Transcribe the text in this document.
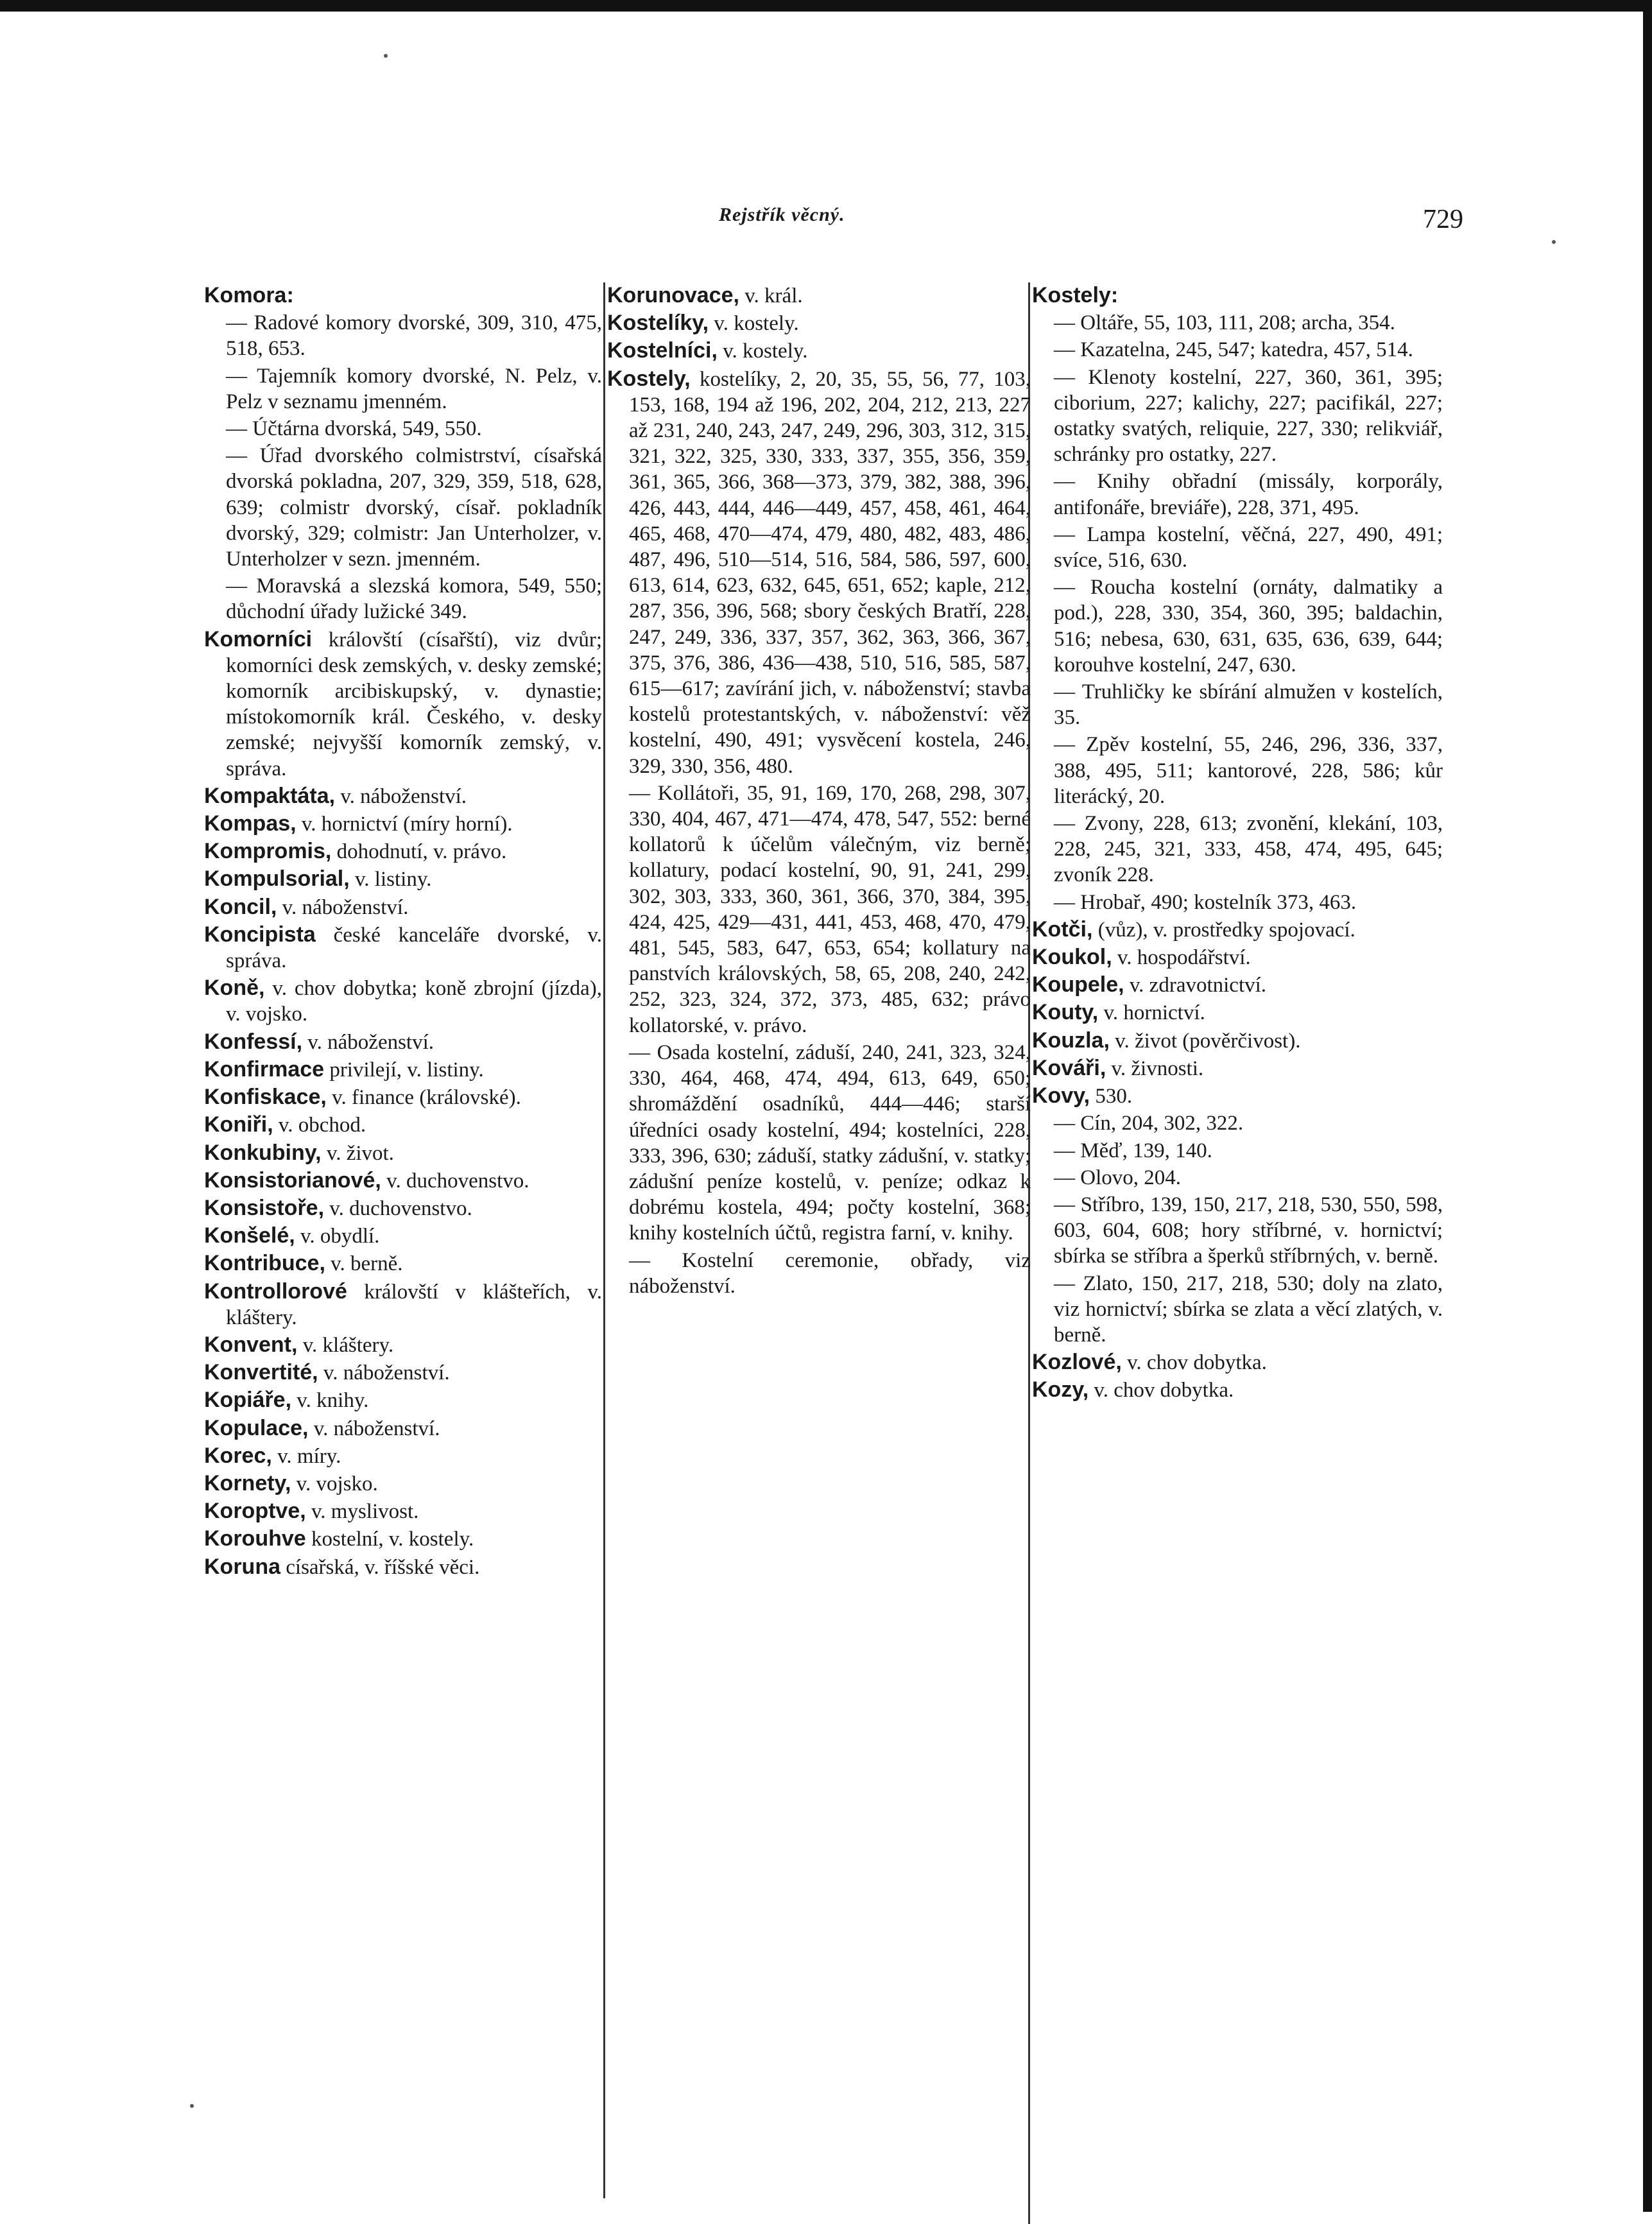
Rejstřík věcný.	729
Komora:
— Radové komory dvorské, 309, 310, 475, 518, 653.
— Tajemník komory dvorské, N. Pelz, v. Pelz v seznamu jmenném.
— Účtárna dvorská, 549, 550.
— Úřad dvorského colmistrství, císařská dvorská pokladna, 207, 329, 359, 518, 628, 639; colmistr dvorský, císař. pokladník dvorský, 329; colmistr: Jan Unterholzer, v. Unterholzer v sezn. jmenném.
— Moravská a slezská komora, 549, 550; důchodní úřady lužické 349.
Komorníci královští (císařští), viz dvůr; komorníci desk zemských, v. desky zemské; komorník arcibiskupský, v. dynastie; místokomorník král. Českého, v. desky zemské; nejvyšší komorník zemský, v. správa.
Kompaktáta, v. náboženství.
Kompas, v. hornictví (míry horní).
Kompromis, dohodnutí, v. právo.
Kompulsorial, v. listiny.
Koncil, v. náboženství.
Koncipista české kanceláře dvorské, v. správa.
Koně, v. chov dobytka; koně zbrojní (jízda), v. vojsko.
Konfessí, v. náboženství.
Konfirmace privilejí, v. listiny.
Konfiskace, v. finance (královské).
Koniři, v. obchod.
Konkubiny, v. život.
Konsistorianové, v. duchovenstvo.
Konsistoře, v. duchovenstvo.
Konšelé, v. obydlí.
Kontribuce, v. berně.
Kontrollorové královští v klášteřích, v. kláštery.
Konvent, v. kláštery.
Konvertité, v. náboženství.
Kopiáře, v. knihy.
Kopulace, v. náboženství.
Korec, v. míry.
Kornety, v. vojsko.
Koroptve, v. myslivost.
Korouhve kostelní, v. kostely.
Koruna císařská, v. říšské věci.
Korunovace, v. král.
Kostelíky, v. kostely.
Kostelníci, v. kostely.
Kostely, kostelíky, 2, 20, 35, 55, 56, 77, 103, 153, 168, 194 až 196, 202, 204, 212, 213, 227 až 231, 240, 243, 247, 249, 296, 303, 312, 315, 321, 322, 325, 330, 333, 337, 355, 356, 359, 361, 365, 366, 368—373, 379, 382, 388, 396, 426, 443, 444, 446—449, 457, 458, 461, 464, 465, 468, 470—474, 479, 480, 482, 483, 486, 487, 496, 510—514, 516, 584, 586, 597, 600, 613, 614, 623, 632, 645, 651, 652; kaple, 212, 287, 356, 396, 568; sbory českých Bratří, 228, 247, 249, 336, 337, 357, 362, 363, 366, 367, 375, 376, 386, 436—438, 510, 516, 585, 587, 615—617; zavírání jich, v. náboženství; stavba kostelů protestantských, v. náboženství: věž kostelní, 490, 491; vysvěcení kostela, 246, 329, 330, 356, 480.
— Kollátoři, 35, 91, 169, 170, 268, 298, 307, 330, 404, 467, 471—474, 478, 547, 552: berné kollatorů k účelům válečným, viz berně; kollatury, podací kostelní, 90, 91, 241, 299, 302, 303, 333, 360, 361, 366, 370, 384, 395, 424, 425, 429—431, 441, 453, 468, 470, 479, 481, 545, 583, 647, 653, 654; kollatury na panstvích královských, 58, 65, 208, 240, 242, 252, 323, 324, 372, 373, 485, 632; právo kollatorské, v. právo.
— Osada kostelní, záduší, 240, 241, 323, 324, 330, 464, 468, 474, 494, 613, 649, 650; shromáždění osadníků, 444—446; starší úředníci osady kostelní, 494; kostelníci, 228, 333, 396, 630; záduší, statky zádušní, v. statky; zádušní peníze kostelů, v. peníze; odkaz k dobrému kostela, 494; počty kostelní, 368; knihy kostelních účtů, registra farní, v. knihy.
— Kostelní ceremonie, obřady, viz náboženství.
Kostely:
— Oltáře, 55, 103, 111, 208; archa, 354.
— Kazatelna, 245, 547; katedra, 457, 514.
— Klenoty kostelní, 227, 360, 361, 395; ciborium, 227; kalichy, 227; pacifikál, 227; ostatky svatých, reliquie, 227, 330; relikviář, schránky pro ostatky, 227.
— Knihy obřadní (missály, korporály, antifonáře, breviáře), 228, 371, 495.
— Lampa kostelní, věčná, 227, 490, 491; svíce, 516, 630.
— Roucha kostelní (ornáty, dalmatiky a pod.), 228, 330, 354, 360, 395; baldachin, 516; nebesa, 630, 631, 635, 636, 639, 644; korouhve kostelní, 247, 630.
— Truhličky ke sbírání almužen v kostelích, 35.
— Zpěv kostelní, 55, 246, 296, 336, 337, 388, 495, 511; kantorové, 228, 586; kůr literácký, 20.
— Zvony, 228, 613; zvonění, klekání, 103, 228, 245, 321, 333, 458, 474, 495, 645; zvoník 228.
— Hrobař, 490; kostelník 373, 463.
Kotči, (vůz), v. prostředky spojovací.
Koukol, v. hospodářství.
Koupele, v. zdravotnictví.
Kouty, v. hornictví.
Kouzla, v. život (pověrčivost).
Kováři, v. živnosti.
Kovy, 530.
— Cín, 204, 302, 322.
— Měď, 139, 140.
— Olovo, 204.
— Stříbro, 139, 150, 217, 218, 530, 550, 598, 603, 604, 608; hory stříbrné, v. hornictví; sbírka se stříbra a šperků stříbrných, v. berně.
— Zlato, 150, 217, 218, 530; doly na zlato, viz hornictví; sbírka se zlata a věcí zlatých, v. berně.
Kozlové, v. chov dobytka.
Kozy, v. chov dobytka.
